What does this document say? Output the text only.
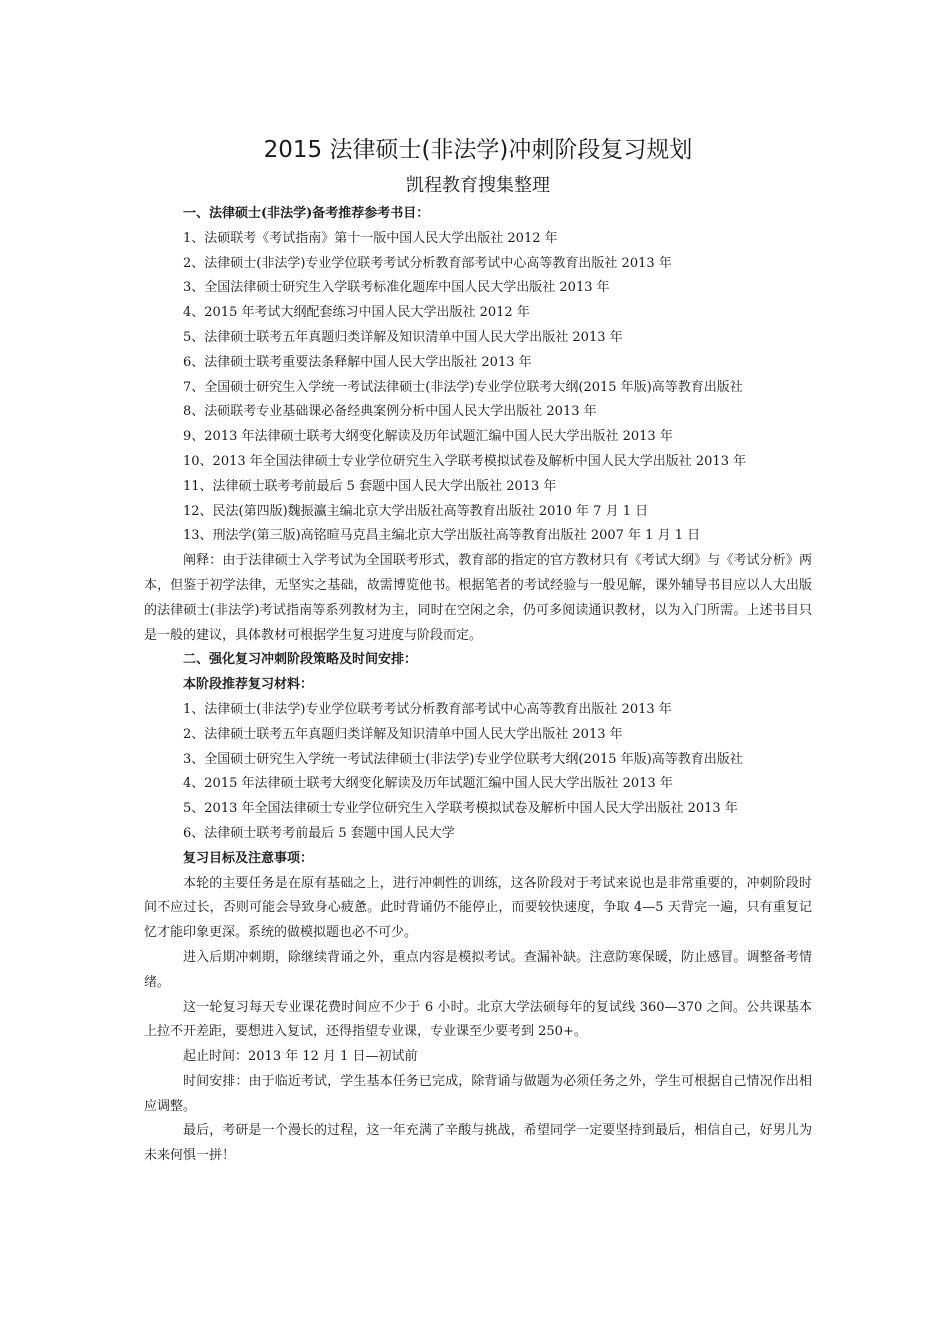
2015 法律硕士(非法学)冲刺阶段复习规划
凯程教育搜集整理

一、法律硕士(非法学)备考推荐参考书目：

1、法硕联考《考试指南》第十一版中国人民大学出版社 2012 年

2、法律硕士(非法学)专业学位联考考试分析教育部考试中心高等教育出版社 2013 年

3、全国法律硕士研究生入学联考标准化题库中国人民大学出版社 2013 年

4、2015 年考试大纲配套练习中国人民大学出版社 2012 年

5、法律硕士联考五年真题归类详解及知识清单中国人民大学出版社 2013 年

6、法律硕士联考重要法条释解中国人民大学出版社 2013 年

7、全国硕士研究生入学统一考试法律硕士(非法学)专业学位联考大纲(2015 年版)高等教育出版社

8、法硕联考专业基础课必备经典案例分析中国人民大学出版社 2013 年

9、2013 年法律硕士联考大纲变化解读及历年试题汇编中国人民大学出版社 2013 年

10、2013 年全国法律硕士专业学位研究生入学联考模拟试卷及解析中国人民大学出版社 2013 年

11、法律硕士联考考前最后 5 套题中国人民大学出版社 2013 年

12、民法(第四版)魏振瀛主编北京大学出版社高等教育出版社 2010 年 7 月 1 日

13、刑法学(第三版)高铭暄马克昌主编北京大学出版社高等教育出版社 2007 年 1 月 1 日

阐释：由于法律硕士入学考试为全国联考形式，教育部的指定的官方教材只有《考试大纲》与《考试分析》两本，但鉴于初学法律，无坚实之基础，故需博览他书。根据笔者的考试经验与一般见解，课外辅导书目应以人大出版的法律硕士(非法学)考试指南等系列教材为主，同时在空闲之余，仍可多阅读通识教材，以为入门所需。上述书目只是一般的建议，具体教材可根据学生复习进度与阶段而定。

二、强化复习冲刺阶段策略及时间安排：

本阶段推荐复习材料：

1、法律硕士(非法学)专业学位联考考试分析教育部考试中心高等教育出版社 2013 年

2、法律硕士联考五年真题归类详解及知识清单中国人民大学出版社 2013 年

3、全国硕士研究生入学统一考试法律硕士(非法学)专业学位联考大纲(2015 年版)高等教育出版社

4、2015 年法律硕士联考大纲变化解读及历年试题汇编中国人民大学出版社 2013 年

5、2013 年全国法律硕士专业学位研究生入学联考模拟试卷及解析中国人民大学出版社 2013 年

6、法律硕士联考考前最后 5 套题中国人民大学

复习目标及注意事项：

本轮的主要任务是在原有基础之上，进行冲刺性的训练，这各阶段对于考试来说也是非常重要的，冲刺阶段时间不应过长，否则可能会导致身心疲惫。此时背诵仍不能停止，而要较快速度，争取 4—5 天背完一遍，只有重复记忆才能印象更深。系统的做模拟题也必不可少。

进入后期冲刺期，除继续背诵之外，重点内容是模拟考试。查漏补缺。注意防寒保暖，防止感冒。调整备考情绪。

这一轮复习每天专业课花费时间应不少于 6 小时。北京大学法硕每年的复试线 360—370 之间。公共课基本上拉不开差距，要想进入复试，还得指望专业课，专业课至少要考到 250+。

起止时间：2013 年 12 月 1 日—初试前

时间安排：由于临近考试，学生基本任务已完成，除背诵与做题为必须任务之外，学生可根据自己情况作出相应调整。

最后，考研是一个漫长的过程，这一年充满了辛酸与挑战，希望同学一定要坚持到最后，相信自己，好男儿为未来何惧一拼！
